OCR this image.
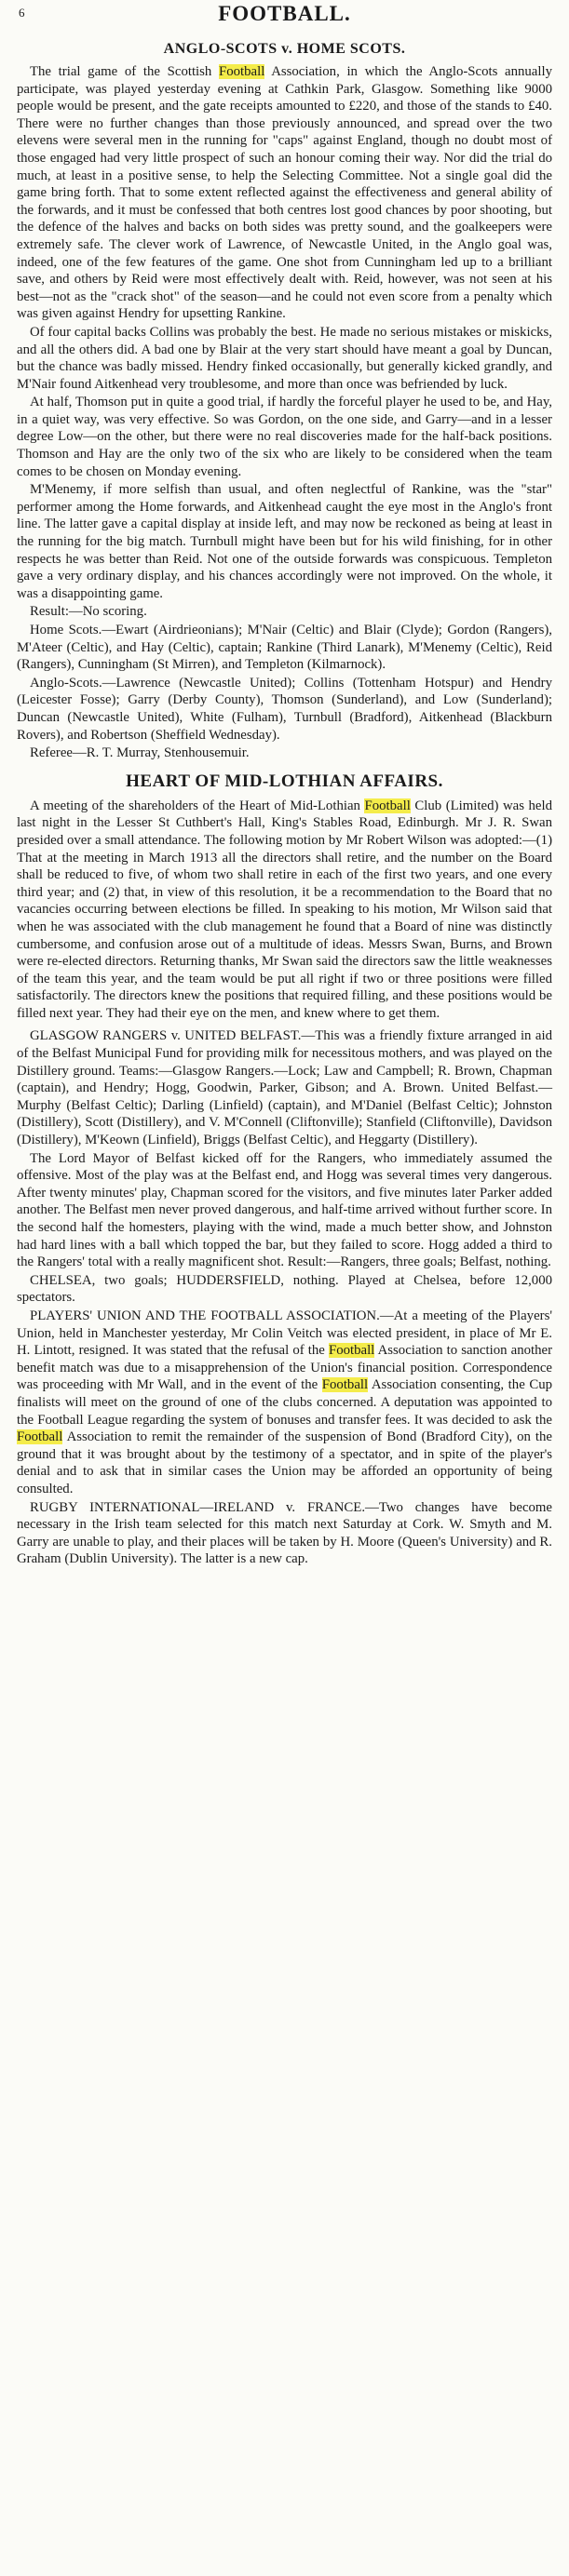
6	FOOTBALL.
ANGLO-SCOTS v. HOME SCOTS.

The trial game of the Scottish Football Association, in which the Anglo-Scots annually participate, was played yesterday evening at Cathkin Park, Glasgow. Something like 9000 people would be present, and the gate receipts amounted to £220, and those of the stands to £40. There were no further changes than those previously announced, and spread over the two elevens were several men in the running for "caps" against England, though no doubt most of those engaged had very little prospect of such an honour coming their way. Nor did the trial do much, at least in a positive sense, to help the Selecting Committee. Not a single goal did the game bring forth. That to some extent reflected against the effectiveness and general ability of the forwards, and it must be confessed that both centres lost good chances by poor shooting, but the defence of the halves and backs on both sides was pretty sound, and the goalkeepers were extremely safe. The clever work of Lawrence, of Newcastle United, in the Anglo goal was, indeed, one of the few features of the game. One shot from Cunningham led up to a brilliant save, and others by Reid were most effectively dealt with. Reid, however, was not seen at his best—not as the "crack shot" of the season—and he could not even score from a penalty which was given against Hendry for upsetting Rankine.

Of four capital backs Collins was probably the best. He made no serious mistakes or miskicks, and all the others did. A bad one by Blair at the very start should have meant a goal by Duncan, but the chance was badly missed. Hendry finked occasionally, but generally kicked grandly, and M'Nair found Aitkenhead very troublesome, and more than once was befriended by luck.

At half, Thomson put in quite a good trial, if hardly the forceful player he used to be, and Hay, in a quiet way, was very effective. So was Gordon, on the one side, and Garry—and in a lesser degree Low—on the other, but there were no real discoveries made for the half-back positions. Thomson and Hay are the only two of the six who are likely to be considered when the team comes to be chosen on Monday evening.

M'Menemy, if more selfish than usual, and often neglectful of Rankine, was the "star" performer among the Home forwards, and Aitkenhead caught the eye most in the Anglo's front line. The latter gave a capital display at inside left, and may now be reckoned as being at least in the running for the big match. Turnbull might have been but for his wild finishing, for in other respects he was better than Reid. Not one of the outside forwards was conspicuous. Templeton gave a very ordinary display, and his chances accordingly were not improved. On the whole, it was a disappointing game.

Result:—No scoring.

Home Scots.—Ewart (Airdrieonians); M'Nair (Celtic) and Blair (Clyde); Gordon (Rangers), M'Ateer (Celtic), and Hay (Celtic), captain; Rankine (Third Lanark), M'Menemy (Celtic), Reid (Rangers), Cunningham (St Mirren), and Templeton (Kilmarnock).

Anglo-Scots.—Lawrence (Newcastle United); Collins (Tottenham Hotspur) and Hendry (Leicester Fosse); Garry (Derby County), Thomson (Sunderland), and Low (Sunderland); Duncan (Newcastle United), White (Fulham), Turnbull (Bradford), Aitkenhead (Blackburn Rovers), and Robertson (Sheffield Wednesday).

Referee—R. T. Murray, Stenhousemuir.

HEART OF MID-LOTHIAN AFFAIRS.

A meeting of the shareholders of the Heart of Mid-Lothian Football Club (Limited) was held last night in the Lesser St Cuthbert's Hall, King's Stables Road, Edinburgh. Mr J. R. Swan presided over a small attendance. The following motion by Mr Robert Wilson was adopted:—(1) That at the meeting in March 1913 all the directors shall retire, and the number on the Board shall be reduced to five, of whom two shall retire in each of the first two years, and one every third year; and (2) that, in view of this resolution, it be a recommendation to the Board that no vacancies occurring between elections be filled. In speaking to his motion, Mr Wilson said that when he was associated with the club management he found that a Board of nine was distinctly cumbersome, and confusion arose out of a multitude of ideas. Messrs Swan, Burns, and Brown were re-elected directors. Returning thanks, Mr Swan said the directors saw the little weaknesses of the team this year, and the team would be put all right if two or three positions were filled satisfactorily. The directors knew the positions that required filling, and these positions would be filled next year. They had their eye on the men, and knew where to get them.

GLASGOW RANGERS v. UNITED BELFAST.—This was a friendly fixture arranged in aid of the Belfast Municipal Fund for providing milk for necessitous mothers, and was played on the Distillery ground. Teams:—Glasgow Rangers.—Lock; Law and Campbell; R. Brown, Chapman (captain), and Hendry; Hogg, Goodwin, Parker, Gibson; and A. Brown. United Belfast.—Murphy (Belfast Celtic); Darling (Linfield) (captain), and M'Daniel (Belfast Celtic); Johnston (Distillery), Scott (Distillery), and V. M'Connell (Cliftonville); Stanfield (Cliftonville), Davidson (Distillery), M'Keown (Linfield), Briggs (Belfast Celtic), and Heggarty (Distillery).

The Lord Mayor of Belfast kicked off for the Rangers, who immediately assumed the offensive. Most of the play was at the Belfast end, and Hogg was several times very dangerous. After twenty minutes' play, Chapman scored for the visitors, and five minutes later Parker added another. The Belfast men never proved dangerous, and half-time arrived without further score. In the second half the homesters, playing with the wind, made a much better show, and Johnston had hard lines with a ball which topped the bar, but they failed to score. Hogg added a third to the Rangers' total with a really magnificent shot. Result:—Rangers, three goals; Belfast, nothing.

CHELSEA, two goals; HUDDERSFIELD, nothing. Played at Chelsea, before 12,000 spectators.

PLAYERS' UNION AND THE FOOTBALL ASSOCIATION.—At a meeting of the Players' Union, held in Manchester yesterday, Mr Colin Veitch was elected president, in place of Mr E. H. Lintott, resigned. It was stated that the refusal of the Football Association to sanction another benefit match was due to a misapprehension of the Union's financial position. Correspondence was proceeding with Mr Wall, and in the event of the Football Association consenting, the Cup finalists will meet on the ground of one of the clubs concerned. A deputation was appointed to the Football League regarding the system of bonuses and transfer fees. It was decided to ask the Football Association to remit the remainder of the suspension of Bond (Bradford City), on the ground that it was brought about by the testimony of a spectator, and in spite of the player's denial and to ask that in similar cases the Union may be afforded an opportunity of being consulted.

RUGBY INTERNATIONAL—IRELAND v. FRANCE.—Two changes have become necessary in the Irish team selected for this match next Saturday at Cork. W. Smyth and M. Garry are unable to play, and their places will be taken by H. Moore (Queen's University) and R. Graham (Dublin University). The latter is a new cap.
